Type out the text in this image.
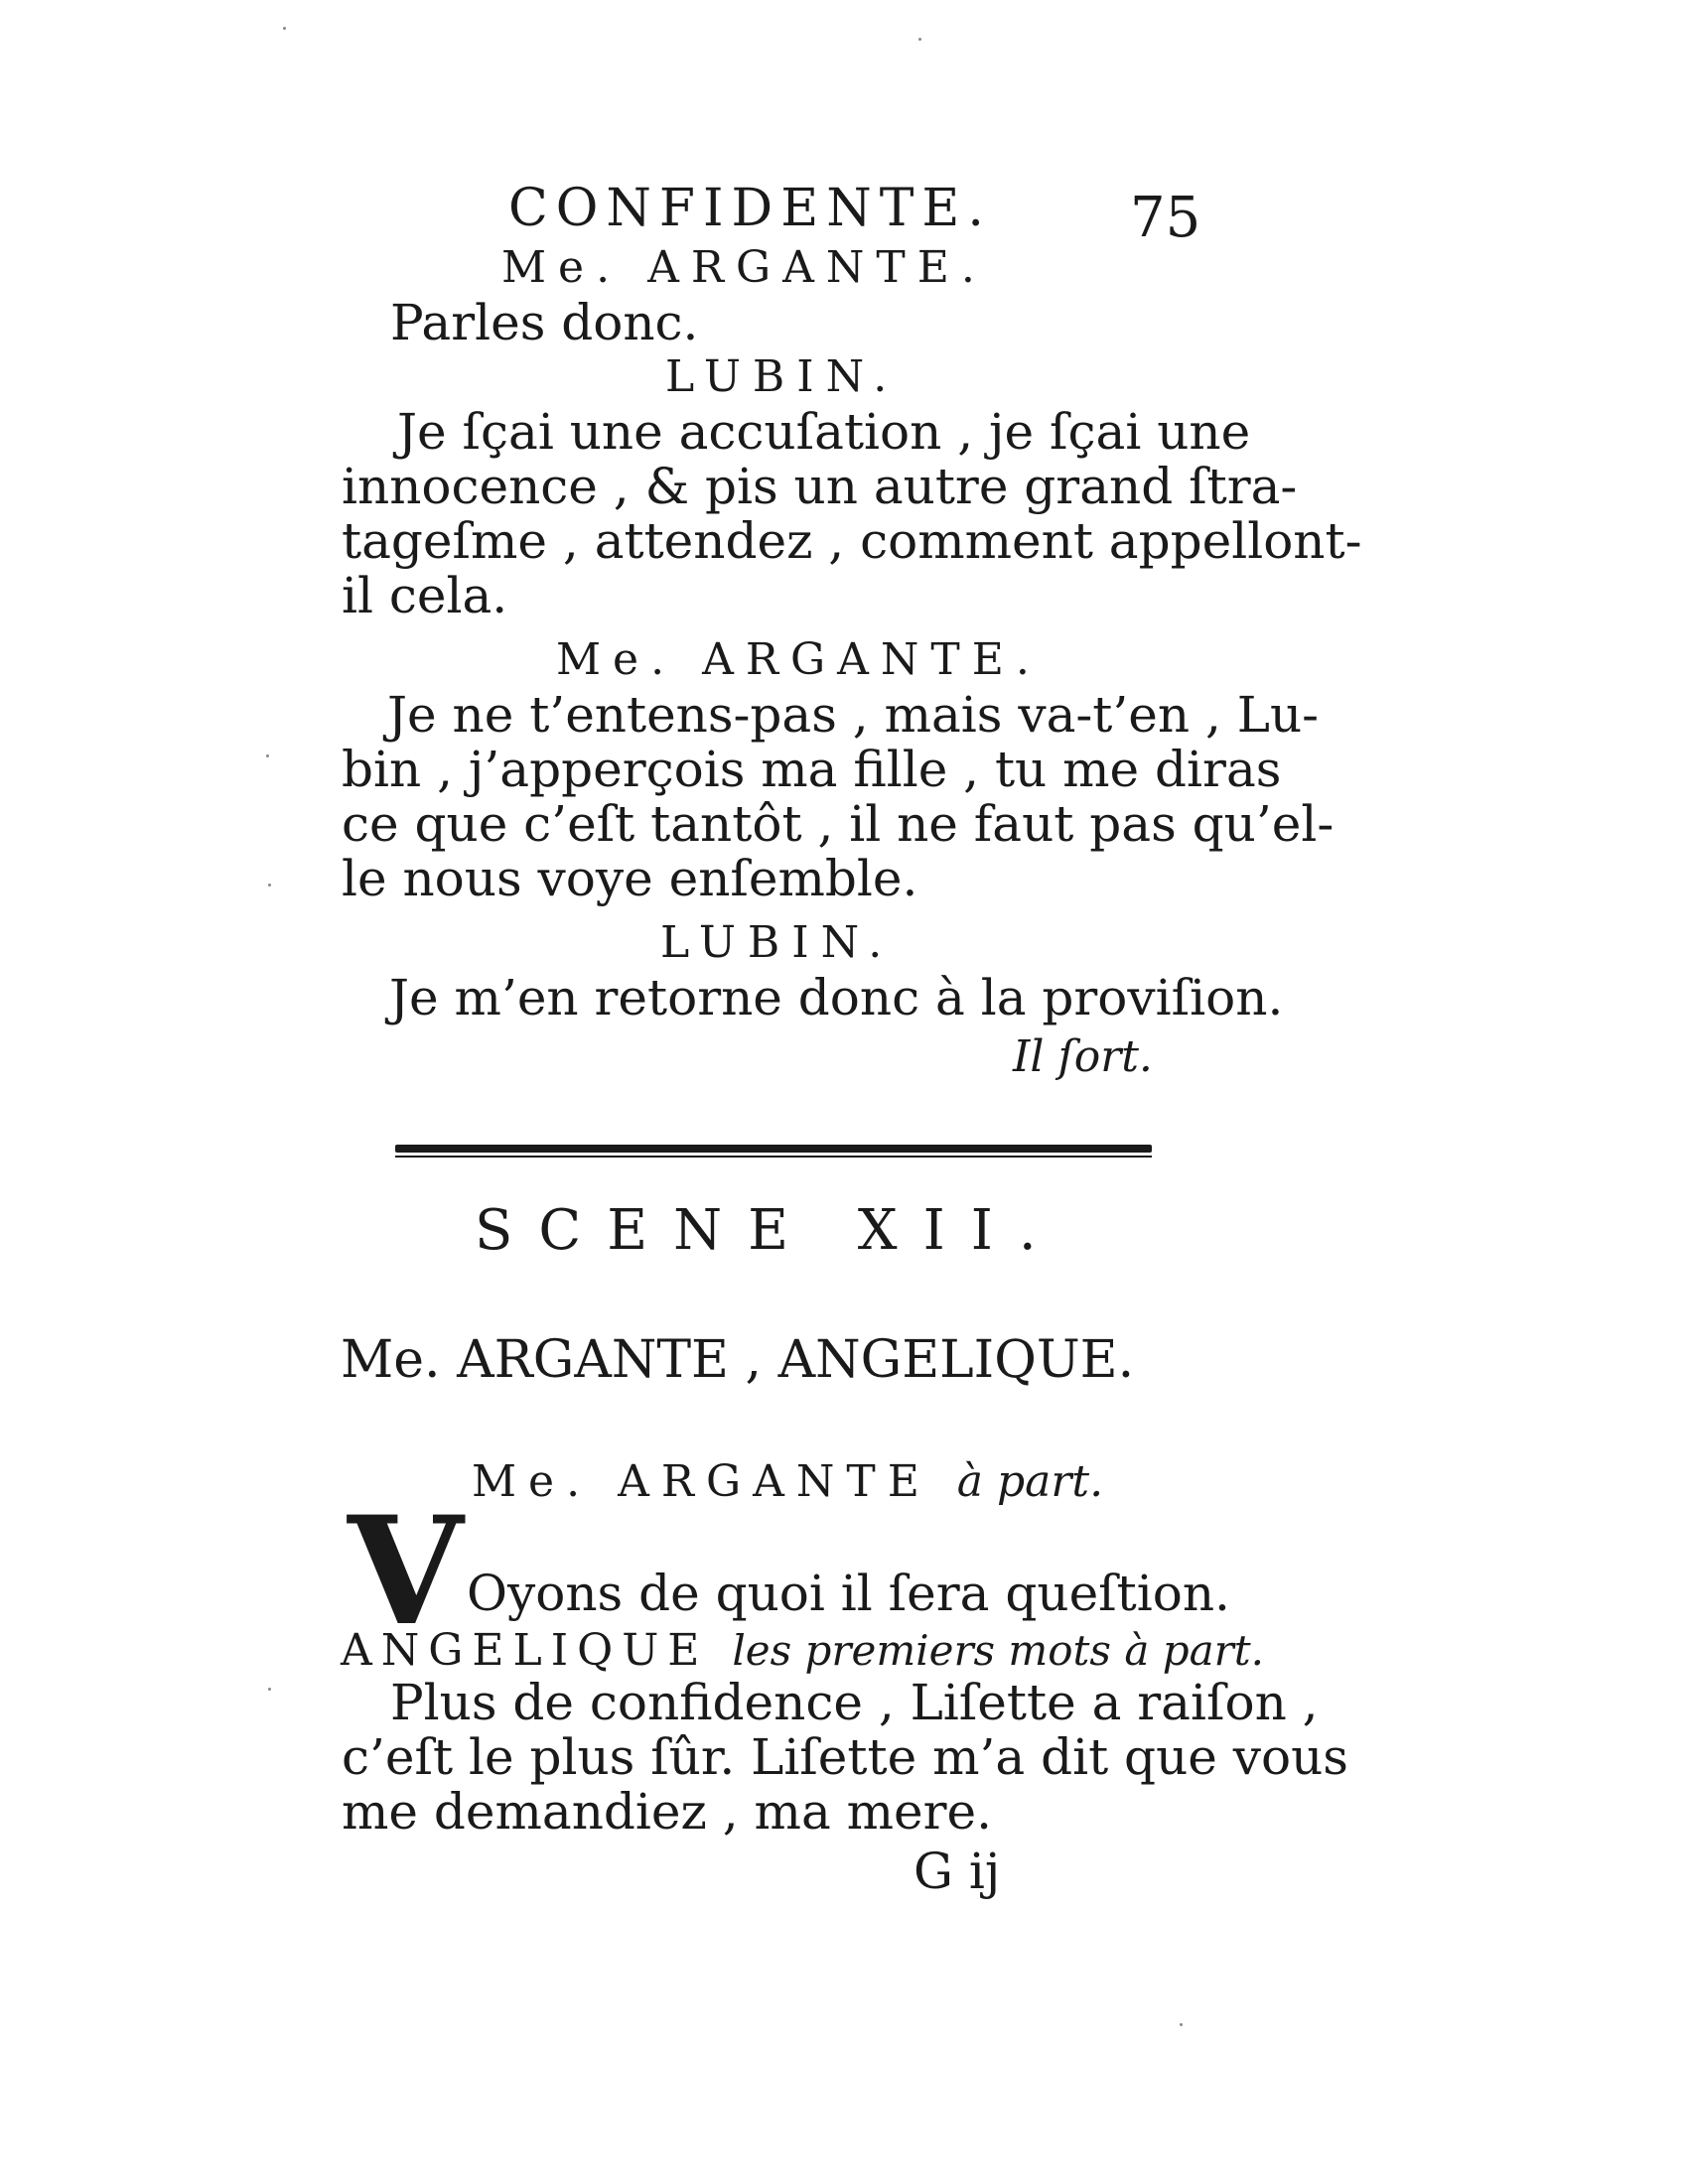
CONFIDENTE. 75
Me. ARGANTE.
Parles donc.
LUBIN.
Je ſçai une accuſation , je ſçai une
innocence , & pis un autre grand ſtra-
tageſme , attendez , comment appellont-
il cela.
Me. ARGANTE.
Je ne t’entens-pas , mais va-t’en , Lu-
bin , j’apperçois ma fille , tu me diras
ce que c’eſt tantôt , il ne faut pas qu’el-
le nous voye enſemble.
LUBIN.
Je m’en retorne donc à la proviſion.
Il ſort.
SCENE XII.
Me. ARGANTE , ANGELIQUE.
Me. ARGANTE à part.
V Oyons de quoi il ſera queſtion.
ANGELIQUE les premiers mots à part.
Plus de confidence , Liſette a raiſon ,
c’eſt le plus ſûr. Liſette m’a dit que vous
me demandiez , ma mere.
G ij
